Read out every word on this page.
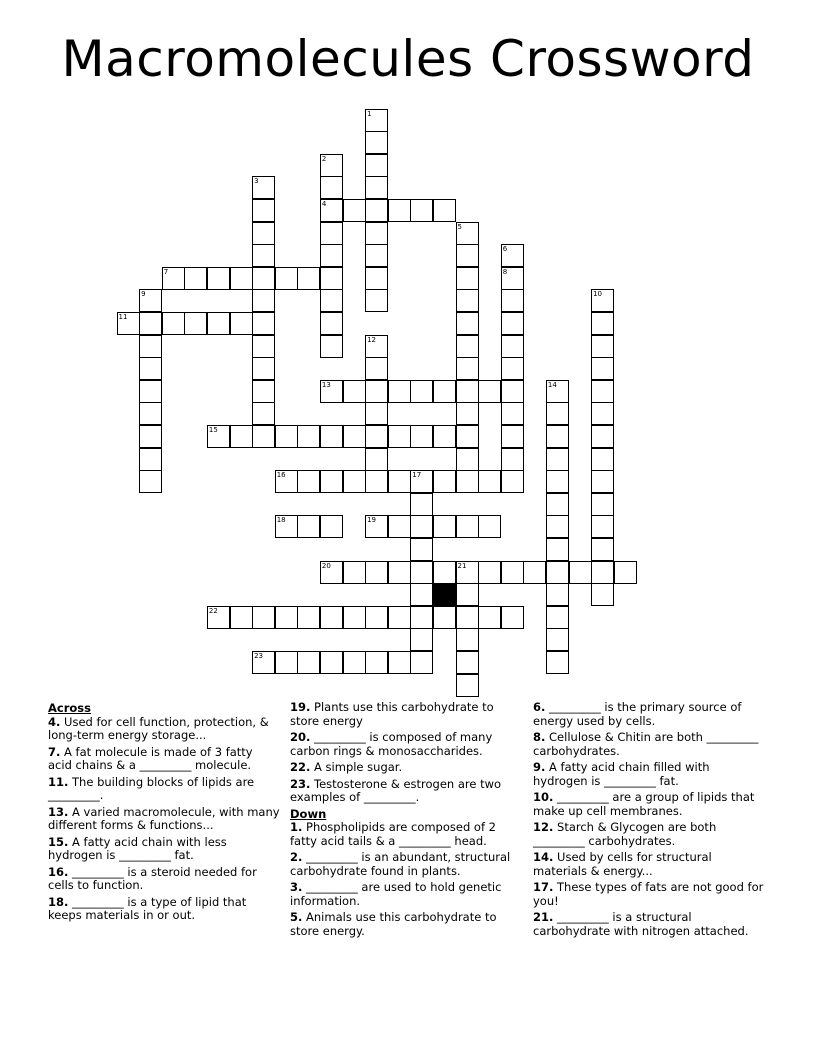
Macromolecules Crossword
1
2
4
3
5
6
8
7
9	10
11
12
13	14
15
16	17
18	19
20	21
22
23
Across
4. Used for cell function, protection, & long-term energy storage...
7. A fat molecule is made of 3 fatty acid chains & a _________ molecule.
11. The building blocks of lipids are _________.
13. A varied macromolecule, with many different forms & functions...
15. A fatty acid chain with less hydrogen is _________ fat.
16. _________ is a steroid needed for cells to function.
18. _________ is a type of lipid that keeps materials in or out.
19. Plants use this carbohydrate to store energy
20. _________ is composed of many carbon rings & monosaccharides.
22. A simple sugar.
23. Testosterone & estrogen are two examples of _________.
Down
1. Phospholipids are composed of 2 fatty acid tails & a _________ head.
2. _________ is an abundant, structural carbohydrate found in plants.
3. _________ are used to hold genetic information.
5. Animals use this carbohydrate to store energy.
6. _________ is the primary source of energy used by cells.
8. Cellulose & Chitin are both _________ carbohydrates.
9. A fatty acid chain filled with hydrogen is _________ fat.
10. _________ are a group of lipids that make up cell membranes.
12. Starch & Glycogen are both _________ carbohydrates.
14. Used by cells for structural materials & energy...
17. These types of fats are not good for you!
21. _________ is a structural carbohydrate with nitrogen attached.
